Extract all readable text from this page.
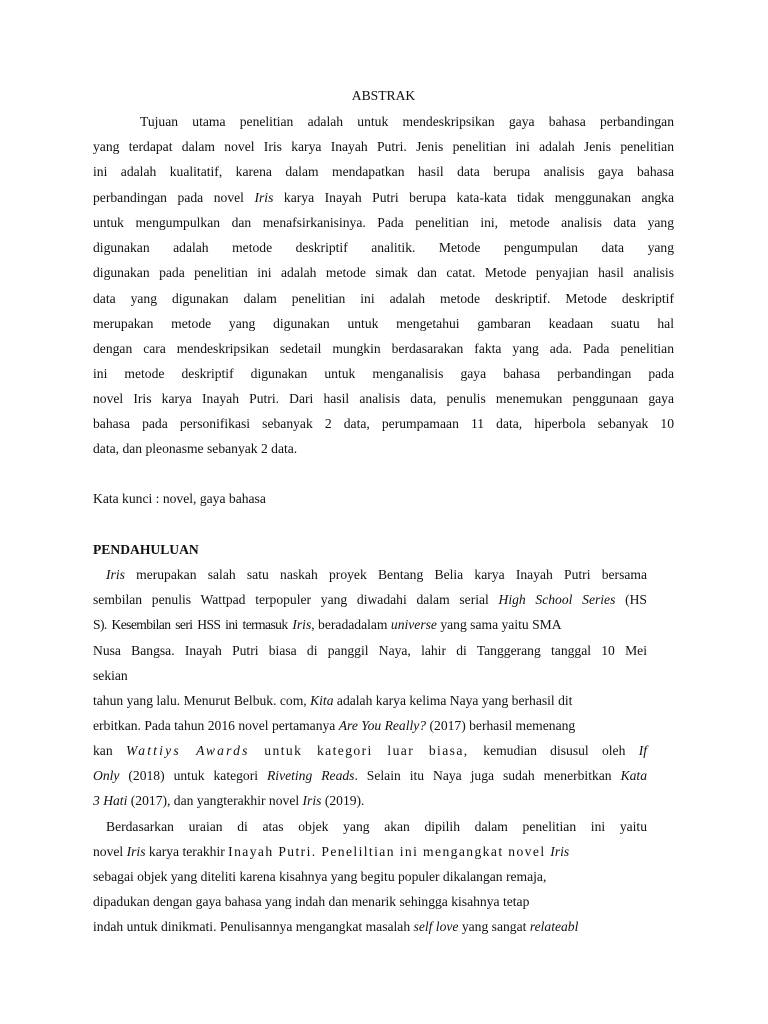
ABSTRAK
Tujuan utama penelitian adalah untuk mendeskripsikan gaya bahasa perbandingan
yang terdapat dalam novel Iris karya Inayah Putri. Jenis penelitian ini adalah Jenis penelitian
ini adalah kualitatif, karena dalam mendapatkan hasil data berupa analisis gaya bahasa
perbandingan pada novel Iris karya Inayah Putri berupa kata-kata tidak menggunakan angka
untuk mengumpulkan dan menafsirkanisinya. Pada penelitian ini, metode analisis data yang
digunakan adalah metode deskriptif analitik. Metode pengumpulan data yang
digunakan pada penelitian ini adalah metode simak dan catat. Metode penyajian hasil analisis
data yang digunakan dalam penelitian ini adalah metode deskriptif. Metode deskriptif
merupakan metode yang digunakan untuk mengetahui gambaran keadaan suatu hal
dengan cara mendeskripsikan sedetail mungkin berdasarakan fakta yang ada. Pada penelitian
ini metode deskriptif digunakan untuk menganalisis gaya bahasa perbandingan pada
novel Iris karya Inayah Putri. Dari hasil analisis data, penulis menemukan penggunaan gaya
bahasa pada personifikasi sebanyak 2 data, perumpamaan 11 data, hiperbola sebanyak 10
data, dan pleonasme sebanyak 2 data.
Kata kunci : novel, gaya bahasa
PENDAHULUAN
Iris merupakan salah satu naskah proyek Bentang Belia karya Inayah Putri bersama
sembilan penulis Wattpad terpopuler yang diwadahi dalam serial High School Series (HS
S). Kesembilan seri HSS ini termasuk Iris, beradadalam universe yang sama yaitu SMA
Nusa Bangsa. Inayah Putri biasa di panggil Naya, lahir di Tanggerang tanggal 10 Mei
sekian
tahun yang lalu. Menurut Belbuk. com, Kita adalah karya kelima Naya yang berhasil dit
erbitkan. Pada tahun 2016 novel pertamanya Are You Really? (2017) berhasil memenang
kan Wattiys Awards untuk kategori luar biasa, kemudian disusul oleh If
Only (2018) untuk kategori Riveting Reads. Selain itu Naya juga sudah menerbitkan Kata
3 Hati (2017), dan yangterakhir novel Iris (2019).
Berdasarkan uraian di atas objek yang akan dipilih dalam penelitian ini yaitu
novel Iris karya terakhir Inayah Putri. Peneliltian ini mengangkat novel Iris
sebagai objek yang diteliti karena kisahnya yang begitu populer dikalangan remaja,
dipadukan dengan gaya bahasa yang indah dan menarik sehingga kisahnya tetap
indah untuk dinikmati. Penulisannya mengangkat masalah self love yang sangat relateabl
